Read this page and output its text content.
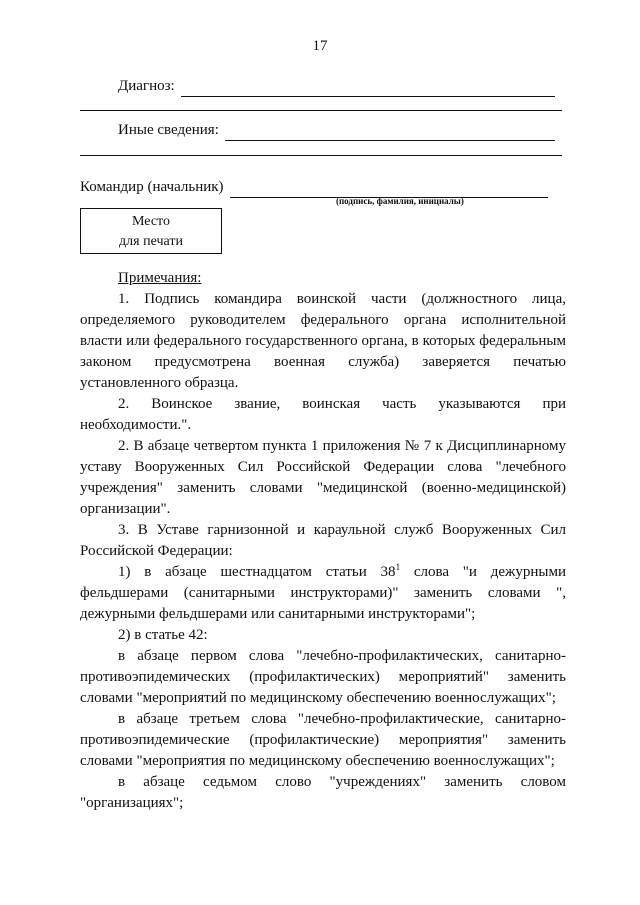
17
Диагноз:
Иные сведения:
Командир (начальник)
(подпись, фамилия, инициалы)
Место
для печати

Примечания:

1. Подпись командира воинской части (должностного лица, определяемого руководителем федерального органа исполнительной власти или федерального государственного органа, в которых федеральным законом предусмотрена военная служба) заверяется печатью установленного образца.

2. Воинское звание, воинская часть указываются при необходимости.".

2. В абзаце четвертом пункта 1 приложения № 7 к Дисциплинарному уставу Вооруженных Сил Российской Федерации слова "лечебного учреждения" заменить словами "медицинской (военно-медицинской) организации".

3. В Уставе гарнизонной и караульной служб Вооруженных Сил Российской Федерации:

1) в абзаце шестнадцатом статьи $38^1$ слова "и дежурными фельдшерами (санитарными инструкторами)" заменить словами ", дежурными фельдшерами или санитарными инструкторами";

2) в статье 42:

в абзаце первом слова "лечебно-профилактических, санитарно-противоэпидемических (профилактических) мероприятий" заменить словами "мероприятий по медицинскому обеспечению военнослужащих";

в абзаце третьем слова "лечебно-профилактические, санитарно-противоэпидемические (профилактические) мероприятия" заменить словами "мероприятия по медицинскому обеспечению военнослужащих";

в абзаце седьмом слово "учреждениях" заменить словом "организациях";
